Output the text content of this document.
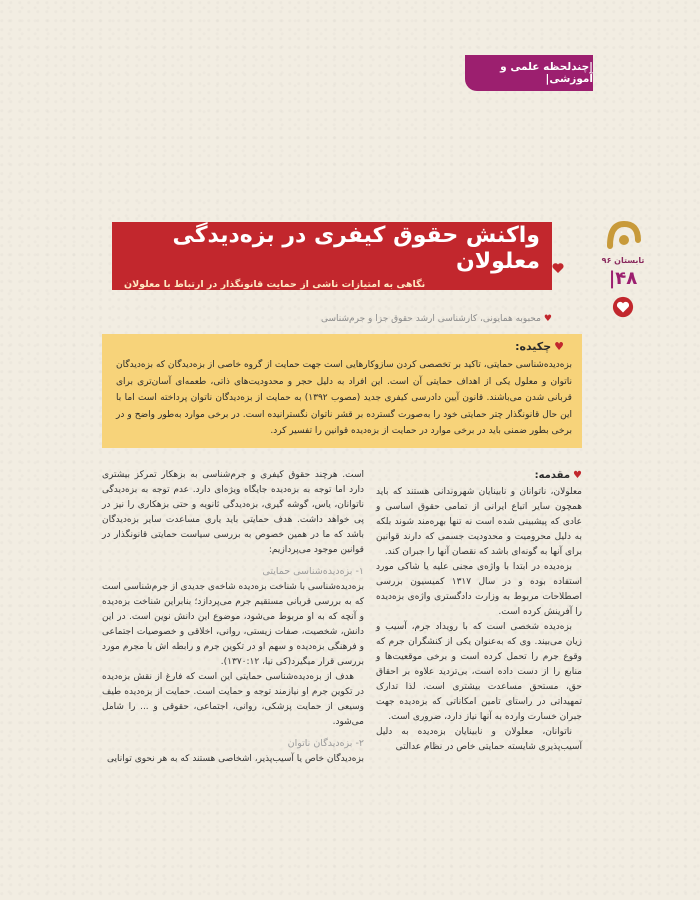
|چندلحظه علمی و آموزشی|
تابستان ۹۶
۴۸|
واکنش حقوق کیفری در بزه‌دیدگی معلولان
نگاهی به امتیازات ناشی از حمایت قانونگذار در ارتباط با معلولان
♥محبوبه همایونی، کارشناسی ارشد حقوق جزا و جرم‌شناسی
♥چکیده:

بزه‌دیده‌شناسی حمایتی، تاکید بر تخصصی کردن سازوکارهایی است جهت حمایت از گروه خاصی از بزه‌دیدگان که بزه‌دیدگان ناتوان و معلول یکی از اهداف حمایتی آن است. این افراد به دلیل حجر و محدودیت‌های ذاتی، طعمه‌ای آسان‌تری برای قربانی شدن می‌باشند. قانون آیین دادرسی کیفری جدید (مصوب ۱۳۹۲) به حمایت از بزه‌دیدگان ناتوان پرداخته است اما با این حال قانونگذار چتر حمایتی خود را به‌صورت گسترده بر قشر ناتوان نگسترانیده است. در برخی موارد به‌طور واضح و در برخی بطور ضمنی باید در برخی موارد در حمایت از بزه‌دیده قوانین را تفسیر کرد.

♥مقدمه:

معلولان، ناتوانان و نابینایان شهروندانی هستند که باید همچون سایر اتباع ایرانی از تمامی حقوق اساسی و عادی که پیشبینی شده است نه تنها بهره‌مند شوند بلکه به دلیل محرومیت و محدودیت جسمی که دارند قوانین برای آنها به گونه‌ای باشد که نقصان آنها را جبران کند.

بزه‌دیده در ابتدا با واژه‌ی مجنی علیه یا شاکی مورد استفاده بوده و در سال ۱۳۱۷ کمیسیون بررسی اصطلاحات مربوط به وزارت دادگستری واژه‌ی بزه‌دیده را آفرینش کرده است.

بزه‌دیده شخصی است که با رویداد جرم، آسیب و زیان می‌بیند. وی که به‌عنوان یکی از کنشگران جرم که وقوع جرم را تحمل کرده است و برخی موقعیت‌ها و منابع را از دست داده است، بی‌تردید علاوه بر احقاق حق، مستحق مساعدت بیشتری است. لذا تدارک تمهیداتی در راستای تامین امکاناتی که بزه‌دیده جهت جبران خسارت وارده به آنها نیاز دارد، ضروری است.

ناتوانان، معلولان و نابینایان بزه‌دیده به دلیل آسیب‌پذیری شایسته حمایتی خاص در نظام عدالتی

است. هرچند حقوق کیفری و جرم‌شناسی به بزهکار تمرکز بیشتری دارد اما توجه به بزه‌دیده جایگاه ویژه‌ای دارد. عدم توجه به بزه‌دیدگی ناتوانان، یاس، گوشه گیری، بزه‌دیدگی ثانویه و حتی بزهکاری را نیز در پی خواهد داشت. هدف حمایتی باید یاری مساعدت سایر بزه‌دیدگان باشد که ما در همین خصوص به بررسی سیاست حمایتی قانونگذار در قوانین موجود می‌پردازیم:

۱- بزه‌دیده‌شناسی حمایتی

بزه‌دیده‌شناسی با شناخت بزه‌دیده شاخه‌ی جدیدی از جرم‌شناسی است که به بررسی قربانی مستقیم جرم می‌پردازد؛ بنابراین شناخت بزه‌دیده و آنچه که به او مربوط می‌شود، موضوع این دانش نوین است. در این دانش، شخصیت، صفات زیستی، روانی، اخلاقی و خصوصیات اجتماعی و فرهنگی بزه‌دیده و سهم او در تکوین جرم و رابطه اش با مجرم مورد بررسی قرار میگیرد(کی نیا، ۱۳۷۰:۱۲).

هدف از بزه‌دیده‌شناسی حمایتی این است که فارغ از نقش بزه‌دیده در تکوین جرم او نیازمند توجه و حمایت است. حمایت از بزه‌دیده طیف وسیعی از حمایت پزشکی، روانی، اجتماعی، حقوقی و ... را شامل می‌شود.

۲- بزه‌دیدگان ناتوان

بزه‌دیدگان خاص یا آسیب‌پذیر، اشخاصی هستند که به هر نحوی توانایی
